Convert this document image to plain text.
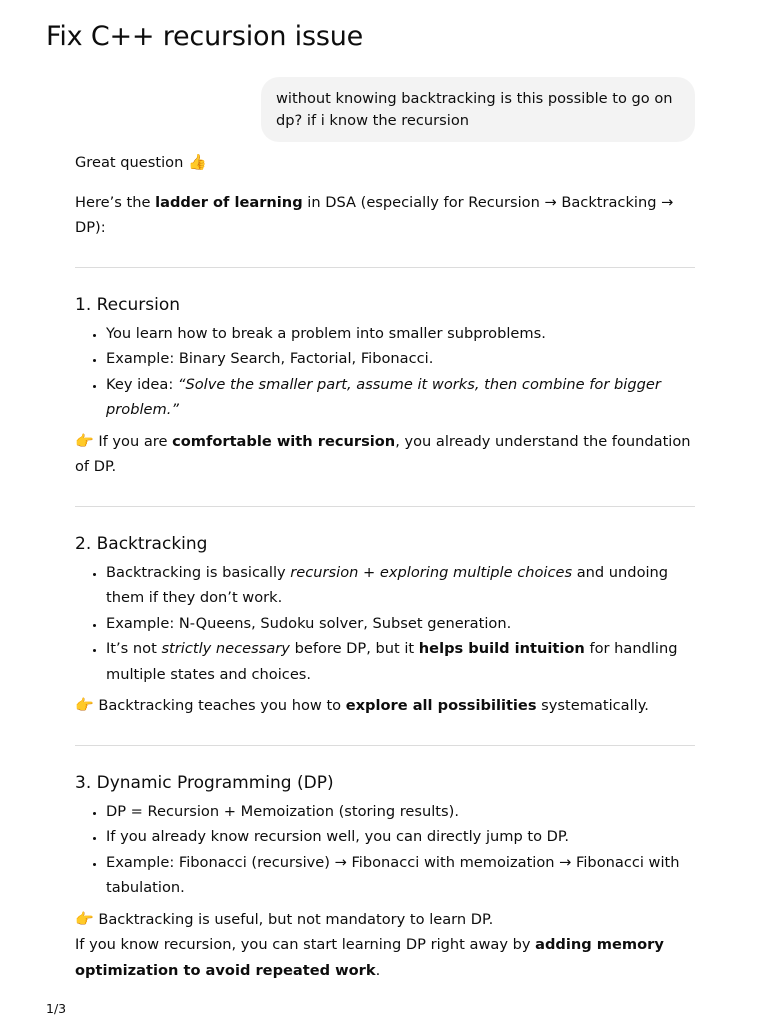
Fix C++ recursion issue
without knowing backtracking is this possible to go on dp? if i know the recursion

Great question 👍

Here’s the ladder of learning in DSA (especially for Recursion → Backtracking → DP):

1. Recursion
• You learn how to break a problem into smaller subproblems.
• Example: Binary Search, Factorial, Fibonacci.
• Key idea: “Solve the smaller part, assume it works, then combine for bigger problem.”

👉 If you are comfortable with recursion, you already understand the foundation of DP.

2. Backtracking
• Backtracking is basically recursion + exploring multiple choices and undoing them if they don’t work.
• Example: N-Queens, Sudoku solver, Subset generation.
• It’s not strictly necessary before DP, but it helps build intuition for handling multiple states and choices.

👉 Backtracking teaches you how to explore all possibilities systematically.

3. Dynamic Programming (DP)
• DP = Recursion + Memoization (storing results).
• If you already know recursion well, you can directly jump to DP.
• Example: Fibonacci (recursive) → Fibonacci with memoization → Fibonacci with tabulation.

👉 Backtracking is useful, but not mandatory to learn DP.
If you know recursion, you can start learning DP right away by adding memory optimization to avoid repeated work.

1/3
